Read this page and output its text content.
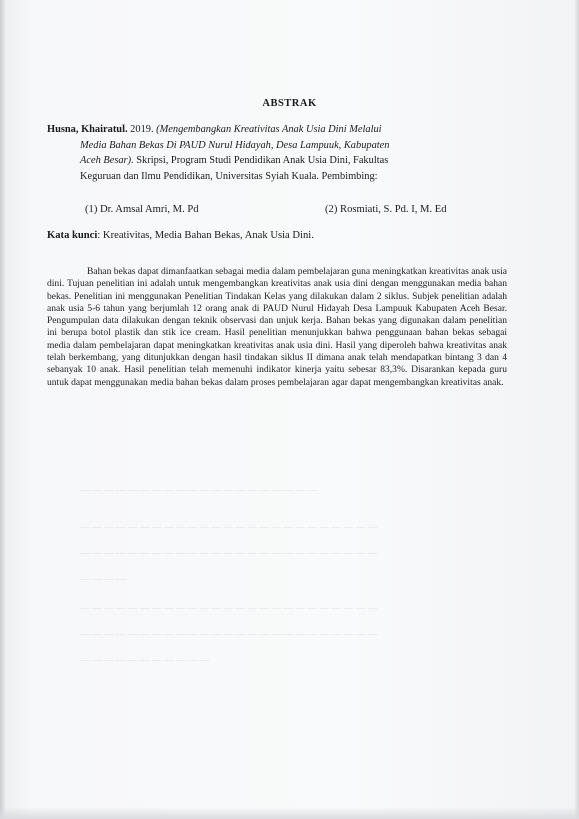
— — — — — — — — — — — — — — — — — — — —
— — — — — — — — — — — — — — — — — — — — — — — — —
— — — — — — — — — — — — — — — — — — — — — — — — —
— — — —
— — — — — — — — — — — — — — — — — — — — — — — — —
— — — — — — — — — — — — — — — — — — — — — — — — —
— — — — — — — — — — —
ABSTRAK
Husna, Khairatul. 2019. (Mengembangkan Kreativitas Anak Usia Dini Melalui
Media Bahan Bekas Di PAUD Nurul Hidayah, Desa Lampuuk, Kabupaten
Aceh Besar). Skripsi, Program Studi Pendidikan Anak Usia Dini, Fakultas
Keguruan dan Ilmu Pendidikan, Universitas Syiah Kuala. Pembimbing:
(1) Dr. Amsal Amri, M. Pd	(2) Rosmiati, S. Pd. I, M. Ed
Kata kunci: Kreativitas, Media Bahan Bekas, Anak Usia Dini.
Bahan bekas dapat dimanfaatkan sebagai media dalam pembelajaran guna meningkatkan kreativitas anak usia dini. Tujuan penelitian ini adalah untuk mengembangkan kreativitas anak usia dini dengan menggunakan media bahan bekas. Penelitian ini menggunakan Penelitian Tindakan Kelas yang dilakukan dalam 2 siklus. Subjek penelitian adalah anak usia 5-6 tahun yang berjumlah 12 orang anak di PAUD Nurul Hidayah Desa Lampuuk Kabupaten Aceh Besar. Pengumpulan data dilakukan dengan teknik observasi dan unjuk kerja. Bahan bekas yang digunakan dalam penelitian ini berupa botol plastik dan stik ice cream. Hasil penelitian menunjukkan bahwa penggunaan bahan bekas sebagai media dalam pembelajaran dapat meningkatkan kreativitas anak usia dini. Hasil yang diperoleh bahwa kreativitas anak telah berkembang, yang ditunjukkan dengan hasil tindakan siklus II dimana anak telah mendapatkan bintang 3 dan 4 sebanyak 10 anak. Hasil penelitian telah memenuhi indikator kinerja yaitu sebesar 83,3%. Disarankan kepada guru untuk dapat menggunakan media bahan bekas dalam proses pembelajaran agar dapat mengembangkan kreativitas anak.
